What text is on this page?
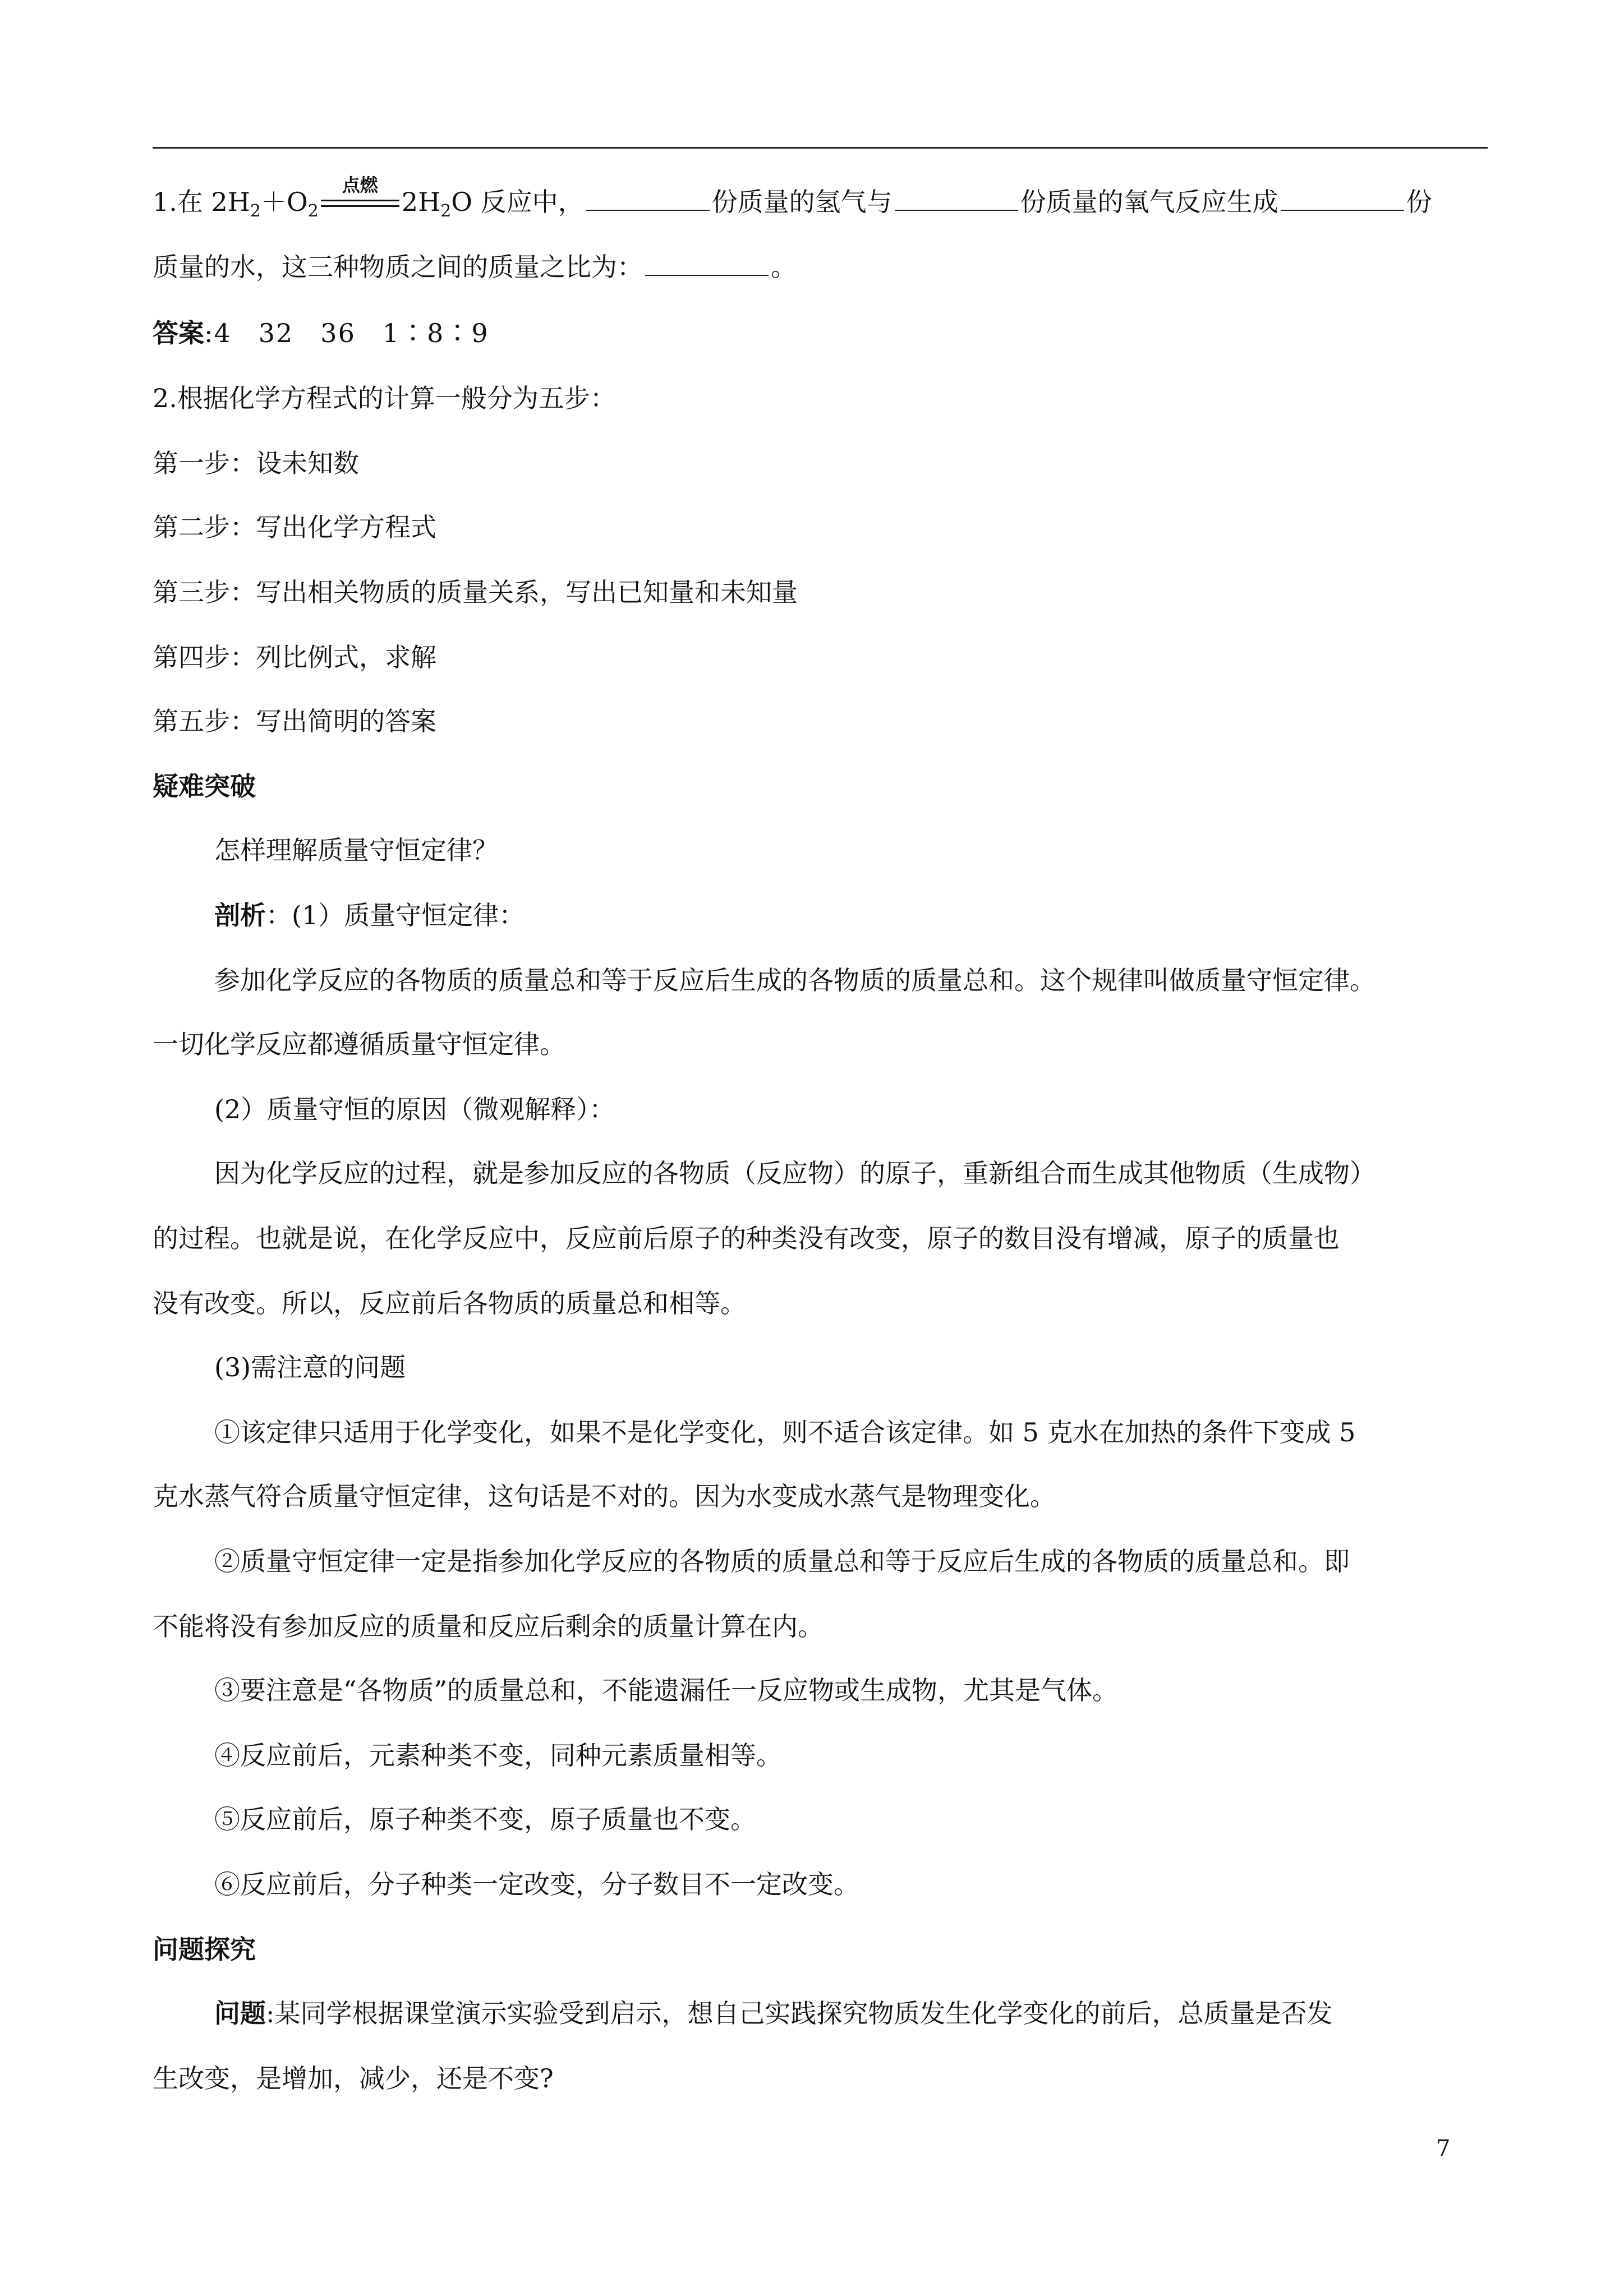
1.在 $2H_2+O_2$
点燃
$2H_2O$ 反应中，	份质量的氢气与	份质量的氧气反应生成	份
质量的水，这三种物质之间的质量之比为：	。
答案:4　32　36　1∶8∶9
2.根据化学方程式的计算一般分为五步：
第一步：设未知数
第二步：写出化学方程式
第三步：写出相关物质的质量关系，写出已知量和未知量
第四步：列比例式，求解
第五步：写出简明的答案
疑难突破
怎样理解质量守恒定律？
剖析：(1）质量守恒定律：
参加化学反应的各物质的质量总和等于反应后生成的各物质的质量总和。这个规律叫做质量守恒定律。
一切化学反应都遵循质量守恒定律。
(2）质量守恒的原因（微观解释）：
因为化学反应的过程，就是参加反应的各物质（反应物）的原子，重新组合而生成其他物质（生成物）
的过程。也就是说，在化学反应中，反应前后原子的种类没有改变，原子的数目没有增减，原子的质量也
没有改变。所以，反应前后各物质的质量总和相等。
(3)需注意的问题
①该定律只适用于化学变化，如果不是化学变化，则不适合该定律。如 5 克水在加热的条件下变成 5
克水蒸气符合质量守恒定律，这句话是不对的。因为水变成水蒸气是物理变化。
②质量守恒定律一定是指参加化学反应的各物质的质量总和等于反应后生成的各物质的质量总和。即
不能将没有参加反应的质量和反应后剩余的质量计算在内。
③要注意是“各物质”的质量总和，不能遗漏任一反应物或生成物，尤其是气体。
④反应前后，元素种类不变，同种元素质量相等。
⑤反应前后，原子种类不变，原子质量也不变。
⑥反应前后，分子种类一定改变，分子数目不一定改变。
问题探究
问题:某同学根据课堂演示实验受到启示，想自己实践探究物质发生化学变化的前后，总质量是否发
生改变，是增加，减少，还是不变?
7
